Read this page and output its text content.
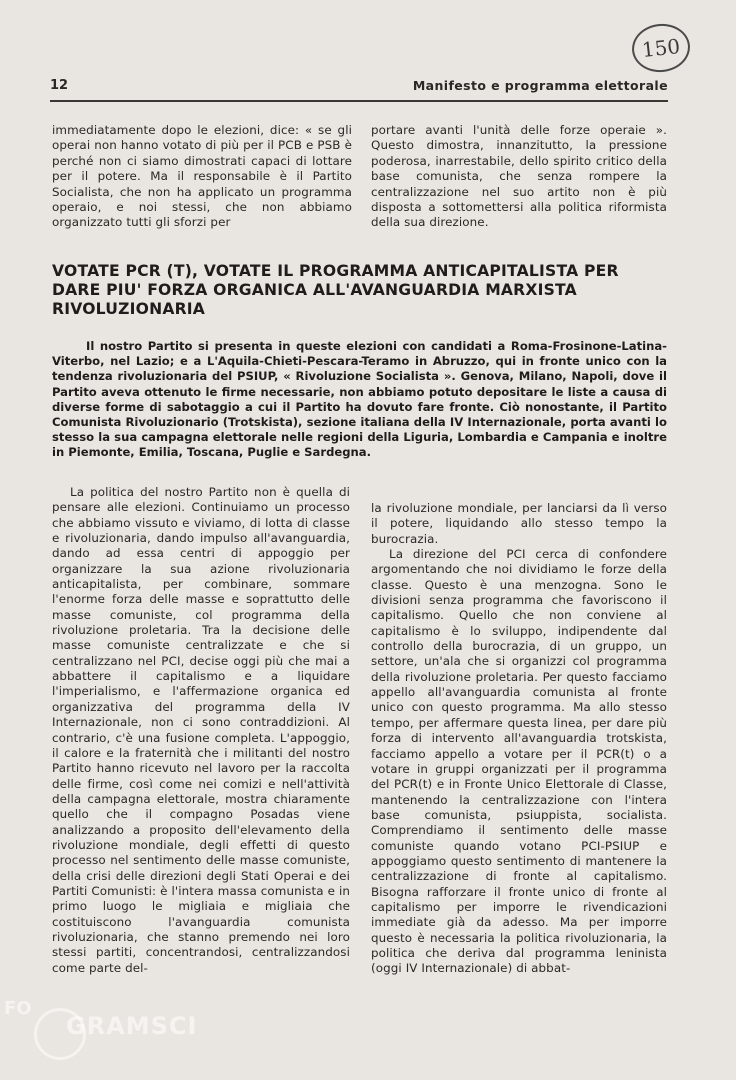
150
12	Manifesto e programma elettorale

immediatamente dopo le elezioni, dice: « se gli operai non hanno votato di più per il PCB e PSB è perché non ci siamo dimostrati capaci di lottare per il potere. Ma il responsabile è il Partito Socialista, che non ha applicato un programma operaio, e noi stessi, che non abbiamo organizzato tutti gli sforzi per

portare avanti l'unità delle forze operaie ». Questo dimostra, innanzitutto, la pressione poderosa, inarrestabile, dello spirito critico della base comunista, che senza rompere la centralizzazione nel suo artito non è più disposta a sottomettersi alla politica riformista della sua direzione.

VOTATE PCR (T), VOTATE IL PROGRAMMA ANTICAPITALISTA PER DARE PIU' FORZA ORGANICA ALL'AVANGUARDIA MARXISTA RIVOLUZIONARIA

Il nostro Partito si presenta in queste elezioni con candidati a Roma-Frosinone-Latina-Viterbo, nel Lazio; e a L'Aquila-Chieti-Pescara-Teramo in Abruzzo, qui in fronte unico con la tendenza rivoluzionaria del PSIUP, « Rivoluzione Socialista ». Genova, Milano, Napoli, dove il Partito aveva ottenuto le firme necessarie, non abbiamo potuto depositare le liste a causa di diverse forme di sabotaggio a cui il Partito ha dovuto fare fronte. Ciò nonostante, il Partito Comunista Rivoluzionario (Trotskista), sezione italiana della IV Internazionale, porta avanti lo stesso la sua campagna elettorale nelle regioni della Liguria, Lombardia e Campania e inoltre in Piemonte, Emilia, Toscana, Puglie e Sardegna.

La politica del nostro Partito non è quella di pensare alle elezioni. Continuiamo un processo che abbiamo vissuto e viviamo, di lotta di classe e rivoluzionaria, dando impulso all'avanguardia, dando ad essa centri di appoggio per organizzare la sua azione rivoluzionaria anticapitalista, per combinare, sommare l'enorme forza delle masse e soprattutto delle masse comuniste, col programma della rivoluzione proletaria. Tra la decisione delle masse comuniste centralizzate e che si centralizzano nel PCI, decise oggi più che mai a abbattere il capitalismo e a liquidare l'imperialismo, e l'affermazione organica ed organizzativa del programma della IV Internazionale, non ci sono contraddizioni. Al contrario, c'è una fusione completa. L'appoggio, il calore e la fraternità che i militanti del nostro Partito hanno ricevuto nel lavoro per la raccolta delle firme, così come nei comizi e nell'attività della campagna elettorale, mostra chiaramente quello che il compagno Posadas viene analizzando a proposito dell'elevamento della rivoluzione mondiale, degli effetti di questo processo nel sentimento delle masse comuniste, della crisi delle direzioni degli Stati Operai e dei Partiti Comunisti: è l'intera massa comunista e in primo luogo le migliaia e migliaia che costituiscono l'avanguardia comunista rivoluzionaria, che stanno premendo nei loro stessi partiti, concentrandosi, centralizzandosi come parte del-

la rivoluzione mondiale, per lanciarsi da lì verso il potere, liquidando allo stesso tempo la burocrazia.

La direzione del PCI cerca di confondere argomentando che noi dividiamo le forze della classe. Questo è una menzogna. Sono le divisioni senza programma che favoriscono il capitalismo. Quello che non conviene al capitalismo è lo sviluppo, indipendente dal controllo della burocrazia, di un gruppo, un settore, un'ala che si organizzi col programma della rivoluzione proletaria. Per questo facciamo appello all'avanguardia comunista al fronte unico con questo programma. Ma allo stesso tempo, per affermare questa linea, per dare più forza di intervento all'avanguardia trotskista, facciamo appello a votare per il PCR(t) o a votare in gruppi organizzati per il programma del PCR(t) e in Fronte Unico Elettorale di Classe, mantenendo la centralizzazione con l'intera base comunista, psiuppista, socialista. Comprendiamo il sentimento delle masse comuniste quando votano PCI-PSIUP e appoggiamo questo sentimento di mantenere la centralizzazione di fronte al capitalismo. Bisogna rafforzare il fronte unico di fronte al capitalismo per imporre le rivendicazioni immediate già da adesso. Ma per imporre questo è necessaria la politica rivoluzionaria, la politica che deriva dal programma leninista (oggi IV Internazionale) di abbat-

FO
GRAMSCI
